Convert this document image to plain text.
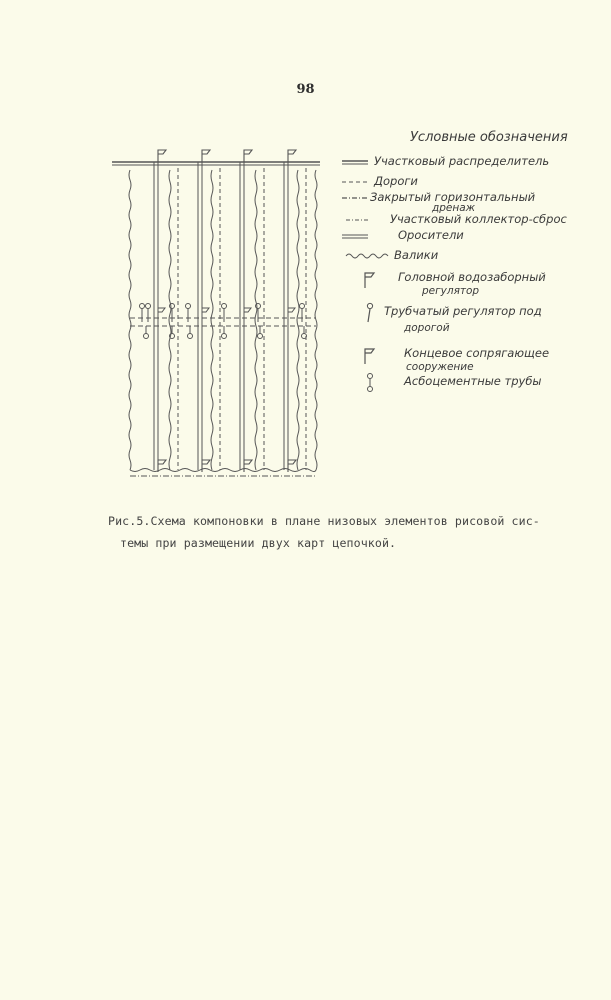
98
Условные обозначения
Участковый распределитель
Дороги
Закрытый горизонтальный
дренаж
Участковый коллектор-сброс
Оросители
Валики
Головной водозаборный
регулятор
Трубчатый регулятор под
дорогой
Концевое сопрягающее
сооружение
Асбоцементные трубы
Рис.5.Схема компоновки в плане низовых элементов рисовой сис-
темы при размещении двух карт цепочкой.
